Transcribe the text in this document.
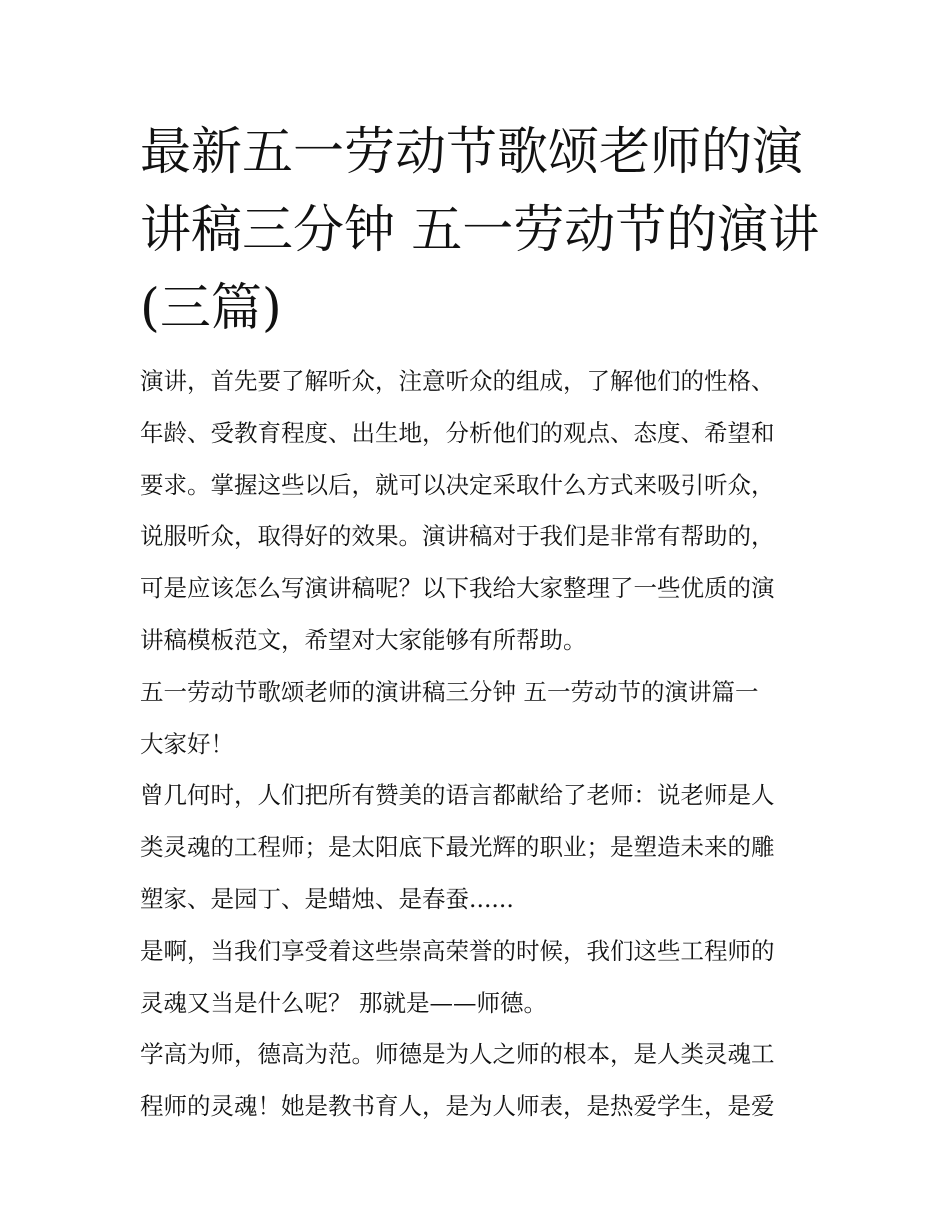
最新五一劳动节歌颂老师的演
讲稿三分钟 五一劳动节的演讲
(三篇)
演讲，首先要了解听众，注意听众的组成，了解他们的性格、
年龄、受教育程度、出生地，分析他们的观点、态度、希望和
要求。掌握这些以后，就可以决定采取什么方式来吸引听众，
说服听众，取得好的效果。演讲稿对于我们是非常有帮助的，
可是应该怎么写演讲稿呢？以下我给大家整理了一些优质的演
讲稿模板范文，希望对大家能够有所帮助。
五一劳动节歌颂老师的演讲稿三分钟 五一劳动节的演讲篇一
大家好！
曾几何时，人们把所有赞美的语言都献给了老师：说老师是人
类灵魂的工程师；是太阳底下最光辉的职业；是塑造未来的雕
塑家、是园丁、是蜡烛、是春蚕......
是啊，当我们享受着这些崇高荣誉的时候，我们这些工程师的
灵魂又当是什么呢？ 那就是——师德。
学高为师，德高为范。师德是为人之师的根本，是人类灵魂工
程师的灵魂！她是教书育人，是为人师表，是热爱学生，是爱
